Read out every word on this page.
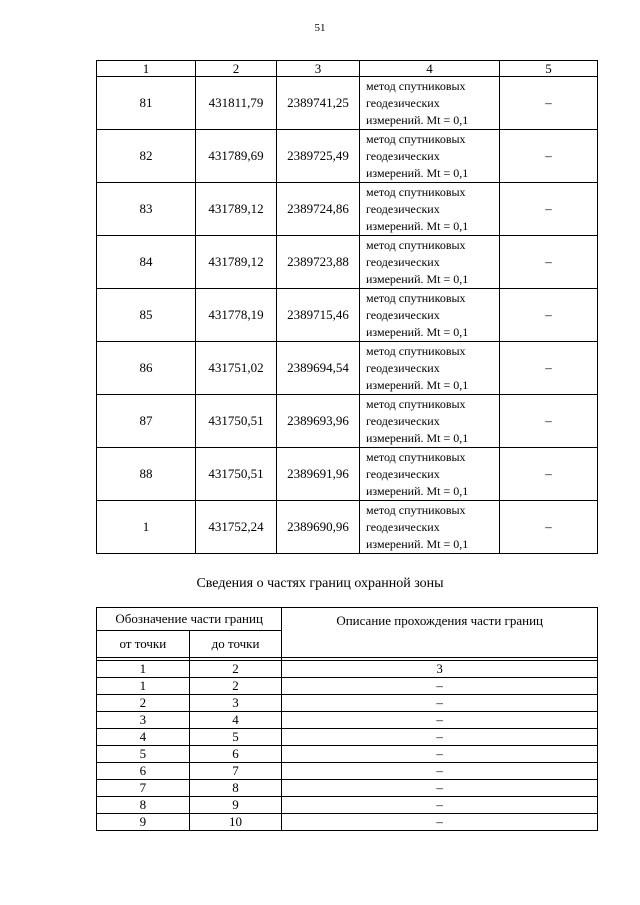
51
1	2	3	4	5
81	431811,79	2389741,25	метод спутниковых
геодезических
измерений. Mt = 0,1	–
82	431789,69	2389725,49	метод спутниковых
геодезических
измерений. Mt = 0,1	–
83	431789,12	2389724,86	метод спутниковых
геодезических
измерений. Mt = 0,1	–
84	431789,12	2389723,88	метод спутниковых
геодезических
измерений. Mt = 0,1	–
85	431778,19	2389715,46	метод спутниковых
геодезических
измерений. Mt = 0,1	–
86	431751,02	2389694,54	метод спутниковых
геодезических
измерений. Mt = 0,1	–
87	431750,51	2389693,96	метод спутниковых
геодезических
измерений. Mt = 0,1	–
88	431750,51	2389691,96	метод спутниковых
геодезических
измерений. Mt = 0,1	–
1	431752,24	2389690,96	метод спутниковых
геодезических
измерений. Mt = 0,1	–
Сведения о частях границ охранной зоны
Обозначение части границ		Описание прохождения части границ
от точки	до точки	

1	2	3
1	2	–
2	3	–
3	4	–
4	5	–
5	6	–
6	7	–
7	8	–
8	9	–
9	10	–
